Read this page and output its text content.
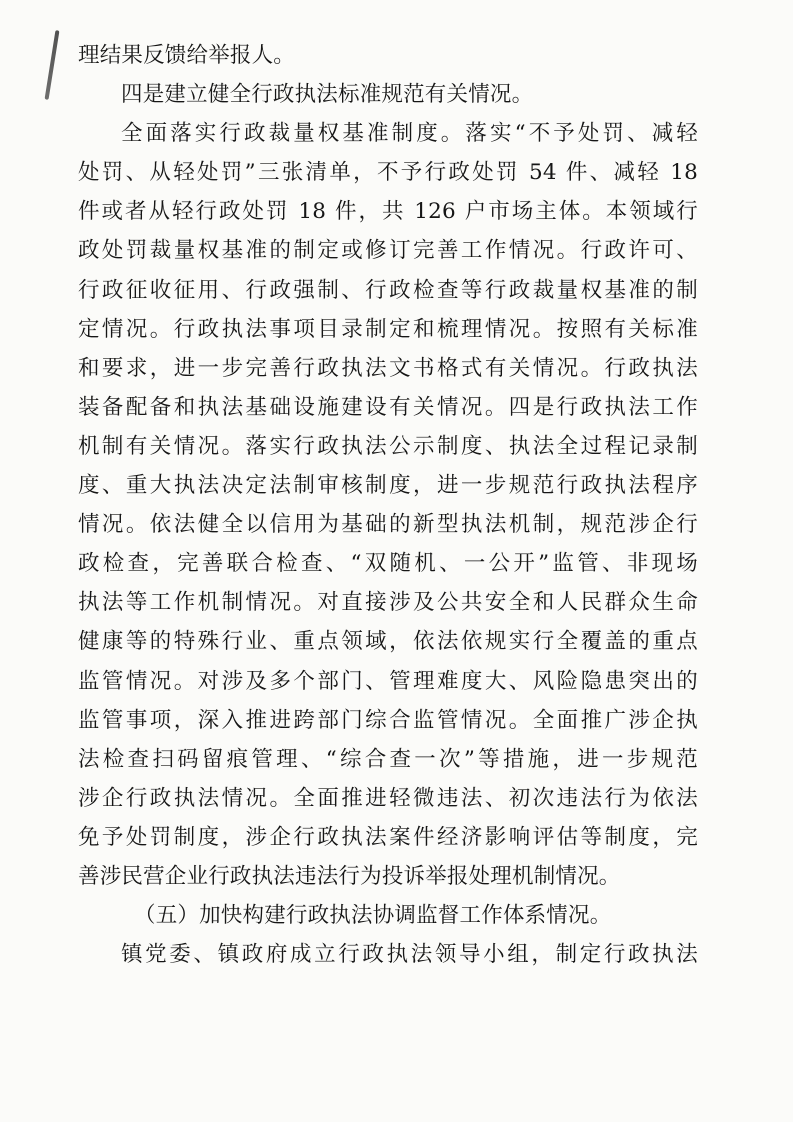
理结果反馈给举报人。
四是建立健全行政执法标准规范有关情况。
全面落实行政裁量权基准制度。落实“不予处罚、减轻
处罚、从轻处罚”三张清单，不予行政处罚 54 件、减轻 18
件或者从轻行政处罚 18 件，共 126 户市场主体。本领域行
政处罚裁量权基准的制定或修订完善工作情况。行政许可、
行政征收征用、行政强制、行政检查等行政裁量权基准的制
定情况。行政执法事项目录制定和梳理情况。按照有关标准
和要求，进一步完善行政执法文书格式有关情况。行政执法
装备配备和执法基础设施建设有关情况。四是行政执法工作
机制有关情况。落实行政执法公示制度、执法全过程记录制
度、重大执法决定法制审核制度，进一步规范行政执法程序
情况。依法健全以信用为基础的新型执法机制，规范涉企行
政检查，完善联合检查、“双随机、一公开”监管、非现场
执法等工作机制情况。对直接涉及公共安全和人民群众生命
健康等的特殊行业、重点领域，依法依规实行全覆盖的重点
监管情况。对涉及多个部门、管理难度大、风险隐患突出的
监管事项，深入推进跨部门综合监管情况。全面推广涉企执
法检查扫码留痕管理、“综合查一次”等措施，进一步规范
涉企行政执法情况。全面推进轻微违法、初次违法行为依法
免予处罚制度，涉企行政执法案件经济影响评估等制度，完
善涉民营企业行政执法违法行为投诉举报处理机制情况。
（五）加快构建行政执法协调监督工作体系情况。
镇党委、镇政府成立行政执法领导小组，制定行政执法
